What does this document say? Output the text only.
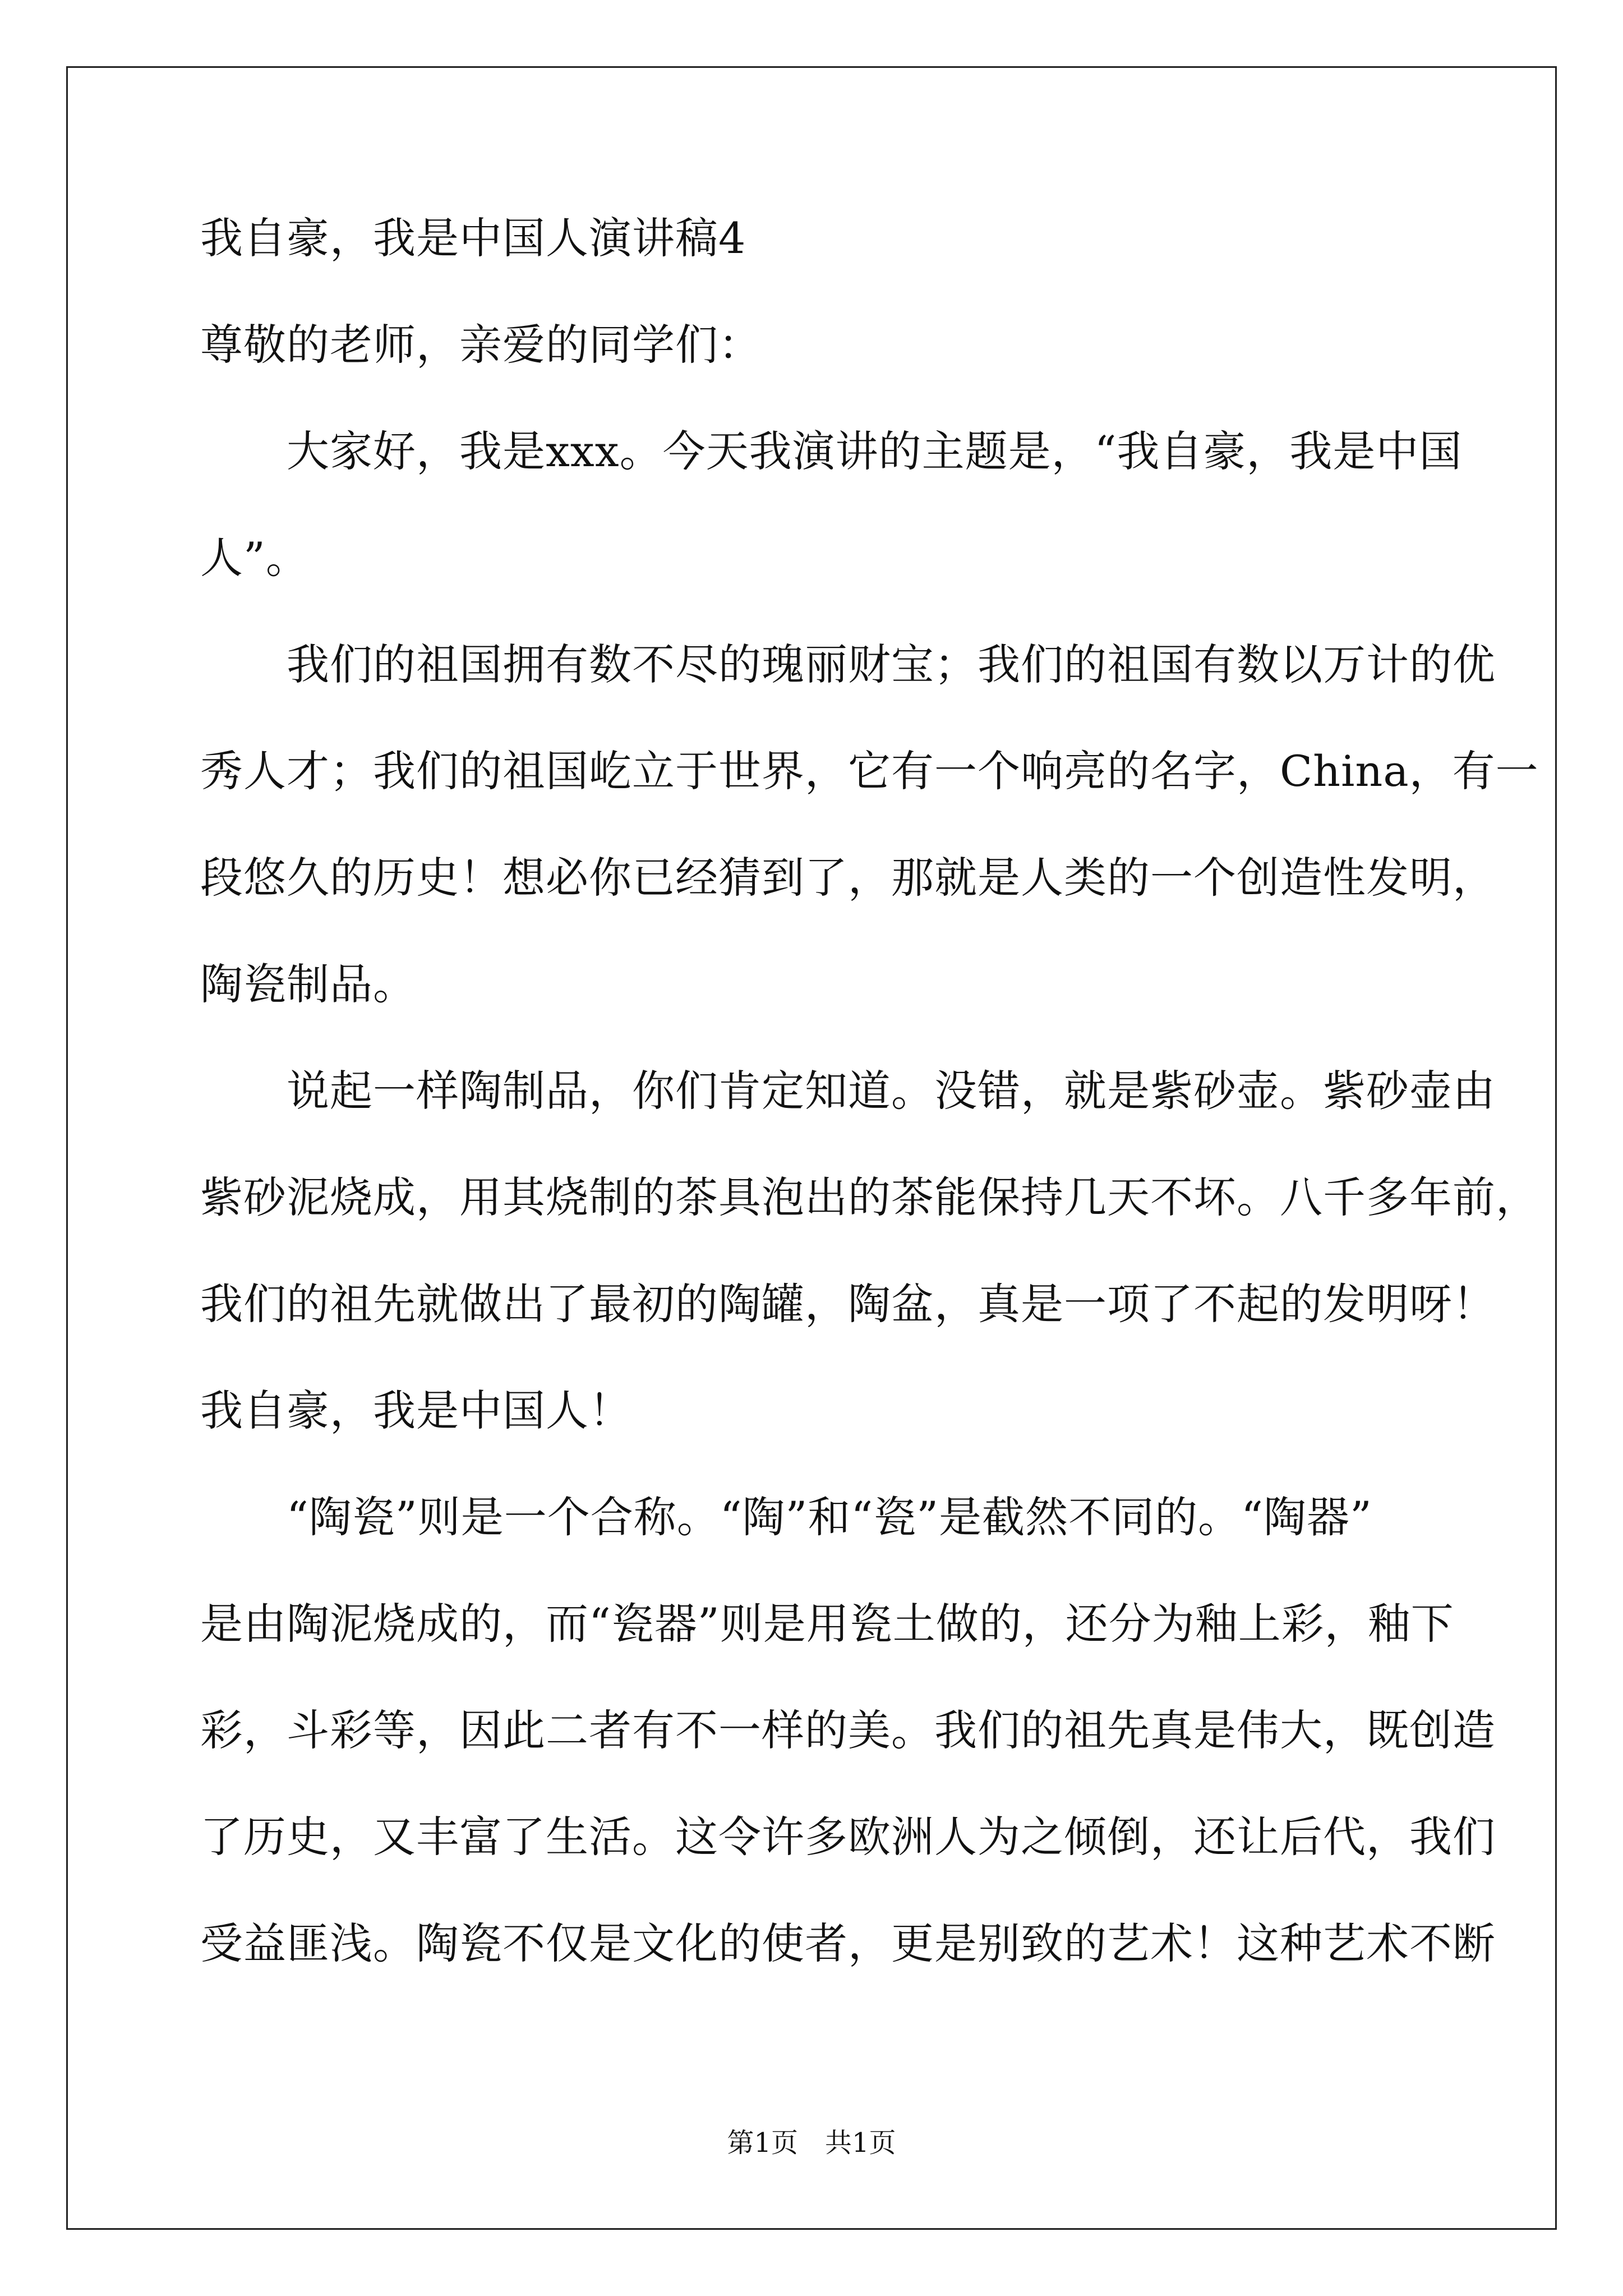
我自豪，我是中国人演讲稿4
尊敬的老师，亲爱的同学们：
　　大家好，我是xxx。今天我演讲的主题是，“我自豪，我是中国
人”。
　　我们的祖国拥有数不尽的瑰丽财宝；我们的祖国有数以万计的优
秀人才；我们的祖国屹立于世界，它有一个响亮的名字，China，有一
段悠久的历史！想必你已经猜到了，那就是人类的一个创造性发明，
陶瓷制品。
　　说起一样陶制品，你们肯定知道。没错，就是紫砂壶。紫砂壶由
紫砂泥烧成，用其烧制的茶具泡出的茶能保持几天不坏。八千多年前，
我们的祖先就做出了最初的陶罐，陶盆，真是一项了不起的发明呀！
我自豪，我是中国人！
　　“陶瓷”则是一个合称。“陶”和“瓷”是截然不同的。“陶器”
是由陶泥烧成的，而“瓷器”则是用瓷土做的，还分为釉上彩，釉下
彩，斗彩等，因此二者有不一样的美。我们的祖先真是伟大，既创造
了历史，又丰富了生活。这令许多欧洲人为之倾倒，还让后代，我们
受益匪浅。陶瓷不仅是文化的使者，更是别致的艺术！这种艺术不断
第1页　共1页
